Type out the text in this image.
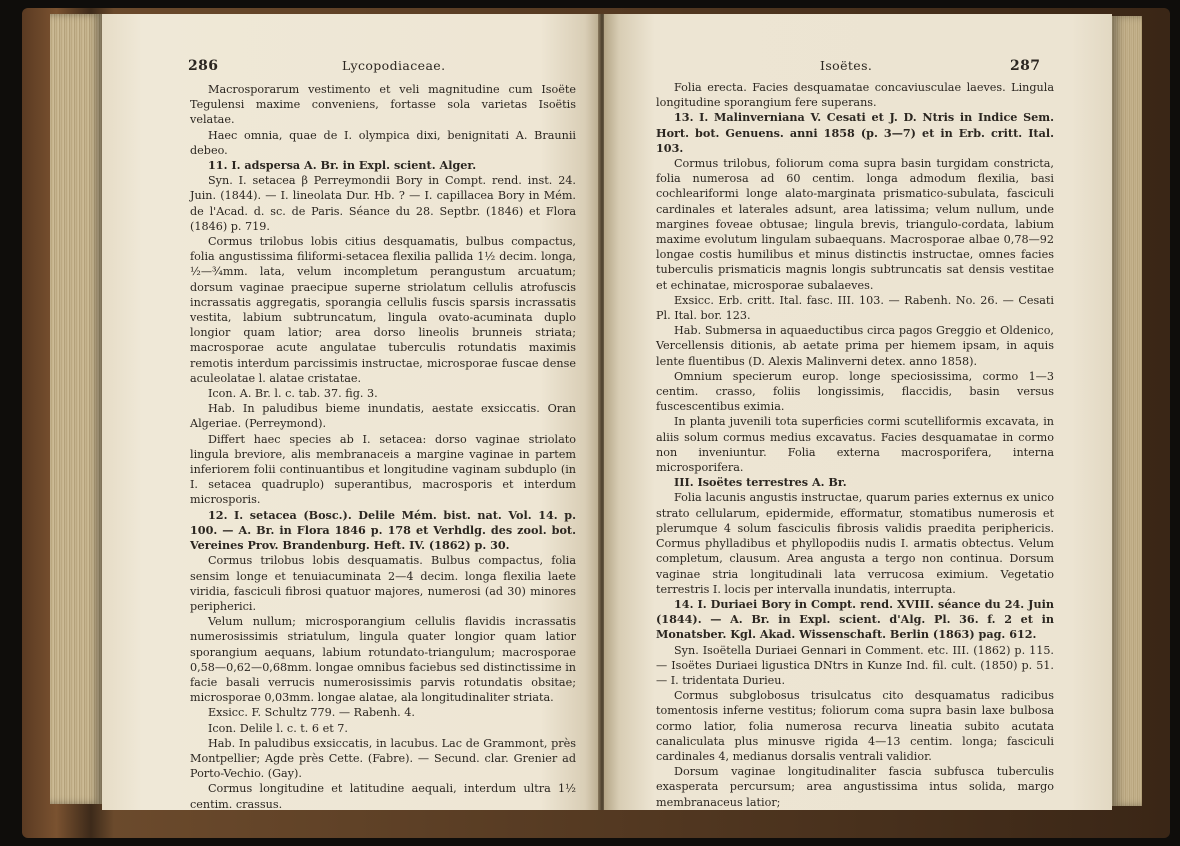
286	Lycopodiaceae.

Macrosporarum vestimento et veli magnitudine cum Isoëte Tegulensi maxime conveniens, fortasse sola varietas Isoëtis velatae.

Haec omnia, quae de I. olympica dixi, benignitati A. Braunii debeo.

11. I. adspersa A. Br. in Expl. scient. Alger.

Syn. I. setacea β Perreymondii Bory in Compt. rend. inst. 24. Juin. (1844). — I. lineolata Dur. Hb. ? — I. capillacea Bory in Mém. de l'Acad. d. sc. de Paris. Séance du 28. Septbr. (1846) et Flora (1846) p. 719.

Cormus trilobus lobis citius desquamatis, bulbus compactus, folia angustissima filiformi-setacea flexilia pallida 1½ decim. longa, ½—¾mm. lata, velum incompletum perangustum arcuatum; dorsum vaginae praecipue superne striolatum cellulis atrofuscis incrassatis aggregatis, sporangia cellulis fuscis sparsis incrassatis vestita, labium subtruncatum, lingula ovato-acuminata duplo longior quam latior; area dorso lineolis brunneis striata; macrosporae acute angulatae tuberculis rotundatis maximis remotis interdum parcissimis instructae, microsporae fuscae dense aculeolatae l. alatae cristatae.

Icon. A. Br. l. c. tab. 37. fig. 3.

Hab. In paludibus bieme inundatis, aestate exsiccatis. Oran Algeriae. (Perreymond).

Differt haec species ab I. setacea: dorso vaginae striolato lingula breviore, alis membranaceis a margine vaginae in partem inferiorem folii continuantibus et longitudine vaginam subduplo (in I. setacea quadruplo) superantibus, macrosporis et interdum microsporis.

12. I. setacea (Bosc.). Delile Mém. bist. nat. Vol. 14. p. 100. — A. Br. in Flora 1846 p. 178 et Verhdlg. des zool. bot. Vereines Prov. Brandenburg. Heft. IV. (1862) p. 30.

Cormus trilobus lobis desquamatis. Bulbus compactus, folia sensim longe et tenuiacuminata 2—4 decim. longa flexilia laete viridia, fasciculi fibrosi quatuor majores, numerosi (ad 30) minores peripherici.

Velum nullum; microsporangium cellulis flavidis incrassatis numerosissimis striatulum, lingula quater longior quam latior sporangium aequans, labium rotundato-triangulum; macrosporae 0,58—0,62—0,68mm. longae omnibus faciebus sed distinctissime in facie basali verrucis numerosissimis parvis rotundatis obsitae; microsporae 0,03mm. longae alatae, ala longitudinaliter striata.

Exsicc. F. Schultz 779. — Rabenh. 4.

Icon. Delile l. c. t. 6 et 7.

Hab. In paludibus exsiccatis, in lacubus. Lac de Grammont, près Montpellier; Agde près Cette. (Fabre). — Secund. clar. Grenier ad Porto-Vechio. (Gay).

Cormus longitudine et latitudine aequali, interdum ultra 1½ centim. crassus.

Isoëtes.	287

Folia erecta. Facies desquamatae concaviusculae laeves. Lingula longitudine sporangium fere superans.

13. I. Malinverniana V. Cesati et J. D. Ntris in Indice Sem. Hort. bot. Genuens. anni 1858 (p. 3—7) et in Erb. critt. Ital. 103.

Cormus trilobus, foliorum coma supra basin turgidam constricta, folia numerosa ad 60 centim. longa admodum flexilia, basi cochleariformi longe alato-marginata prismatico-subulata, fasciculi cardinales et laterales adsunt, area latissima; velum nullum, unde margines foveae obtusae; lingula brevis, triangulo-cordata, labium maxime evolutum lingulam subaequans. Macrosporae albae 0,78—92 longae costis humilibus et minus distinctis instructae, omnes facies tuberculis prismaticis magnis longis subtruncatis sat densis vestitae et echinatae, microsporae subalaeves.

Exsicc. Erb. critt. Ital. fasc. III. 103. — Rabenh. No. 26. — Cesati Pl. Ital. bor. 123.

Hab. Submersa in aquaeductibus circa pagos Greggio et Oldenico, Vercellensis ditionis, ab aetate prima per hiemem ipsam, in aquis lente fluentibus (D. Alexis Malinverni detex. anno 1858).

Omnium specierum europ. longe speciosissima, cormo 1—3 centim. crasso, foliis longissimis, flaccidis, basin versus fuscescentibus eximia.

In planta juvenili tota superficies cormi scutelliformis excavata, in aliis solum cormus medius excavatus. Facies desquamatae in cormo non inveniuntur. Folia externa macrosporifera, interna microsporifera.

III. Isoëtes terrestres A. Br.

Folia lacunis angustis instructae, quarum paries externus ex unico strato cellularum, epidermide, efformatur, stomatibus numerosis et plerumque 4 solum fasciculis fibrosis validis praedita periphericis. Cormus phylladibus et phyllopodiis nudis I. armatis obtectus. Velum completum, clausum. Area angusta a tergo non continua. Dorsum vaginae stria longitudinali lata verrucosa eximium. Vegetatio terrestris I. locis per intervalla inundatis, interrupta.

14. I. Duriaei Bory in Compt. rend. XVIII. séance du 24. Juin (1844). — A. Br. in Expl. scient. d'Alg. Pl. 36. f. 2 et in Monatsber. Kgl. Akad. Wissenschaft. Berlin (1863) pag. 612.

Syn. Isoëtella Duriaei Gennari in Comment. etc. III. (1862) p. 115. — Isoëtes Duriaei ligustica DNtrs in Kunze Ind. fil. cult. (1850) p. 51. — I. tridentata Durieu.

Cormus subglobosus trisulcatus cito desquamatus radicibus tomentosis inferne vestitus; foliorum coma supra basin laxe bulbosa cormo latior, folia numerosa recurva lineatia subito acutata canaliculata plus minusve rigida 4—13 centim. longa; fasciculi cardinales 4, medianus dorsalis ventrali validior.

Dorsum vaginae longitudinaliter fascia subfusca tuberculis exasperata percursum; area angustissima intus solida, margo membranaceus latior;
